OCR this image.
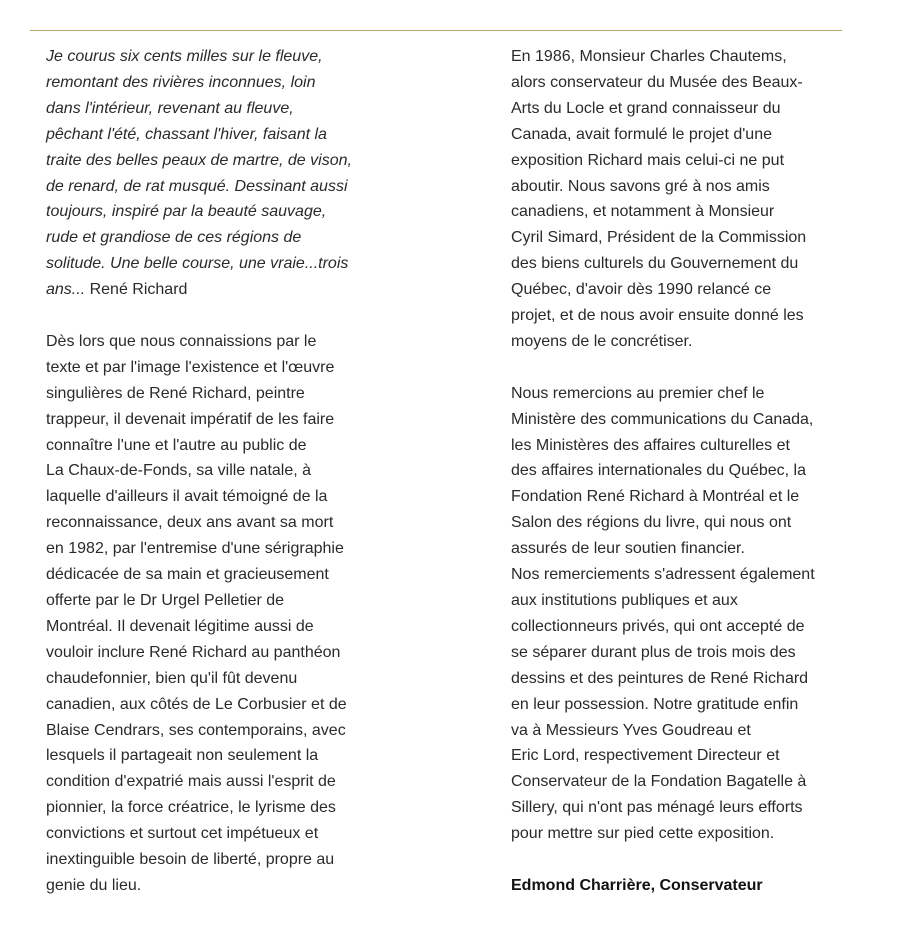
Je courus six cents milles sur le fleuve,
remontant des rivières inconnues, loin
dans l'intérieur, revenant au fleuve,
pêchant l'été, chassant l'hiver, faisant la
traite des belles peaux de martre, de vison,
de renard, de rat musqué. Dessinant aussi
toujours, inspiré par la beauté sauvage,
rude et grandiose de ces régions de
solitude. Une belle course, une vraie...trois
ans... René Richard
Dès lors que nous connaissions par le
texte et par l'image l'existence et l'œuvre
singulières de René Richard, peintre
trappeur, il devenait impératif de les faire
connaître l'une et l'autre au public de
La Chaux-de-Fonds, sa ville natale, à
laquelle d'ailleurs il avait témoigné de la
reconnaissance, deux ans avant sa mort
en 1982, par l'entremise d'une sérigraphie
dédicacée de sa main et gracieusement
offerte par le Dr Urgel Pelletier de
Montréal. Il devenait légitime aussi de
vouloir inclure René Richard au panthéon
chaudefonnier, bien qu'il fût devenu
canadien, aux côtés de Le Corbusier et de
Blaise Cendrars, ses contemporains, avec
lesquels il partageait non seulement la
condition d'expatrié mais aussi l'esprit de
pionnier, la force créatrice, le lyrisme des
convictions et surtout cet impétueux et
inextinguible besoin de liberté, propre au
genie du lieu.
En 1986, Monsieur Charles Chautems,
alors conservateur du Musée des Beaux-
Arts du Locle et grand connaisseur du
Canada, avait formulé le projet d'une
exposition Richard mais celui-ci ne put
aboutir. Nous savons gré à nos amis
canadiens, et notamment à Monsieur
Cyril Simard, Président de la Commission
des biens culturels du Gouvernement du
Québec, d'avoir dès 1990 relancé ce
projet, et de nous avoir ensuite donné les
moyens de le concrétiser.
Nous remercions au premier chef le
Ministère des communications du Canada,
les Ministères des affaires culturelles et
des affaires internationales du Québec, la
Fondation René Richard à Montréal et le
Salon des régions du livre, qui nous ont
assurés de leur soutien financier.
Nos remerciements s'adressent également
aux institutions publiques et aux
collectionneurs privés, qui ont accepté de
se séparer durant plus de trois mois des
dessins et des peintures de René Richard
en leur possession. Notre gratitude enfin
va à Messieurs Yves Goudreau et
Eric Lord, respectivement Directeur et
Conservateur de la Fondation Bagatelle à
Sillery, qui n'ont pas ménagé leurs efforts
pour mettre sur pied cette exposition.
Edmond Charrière, Conservateur
